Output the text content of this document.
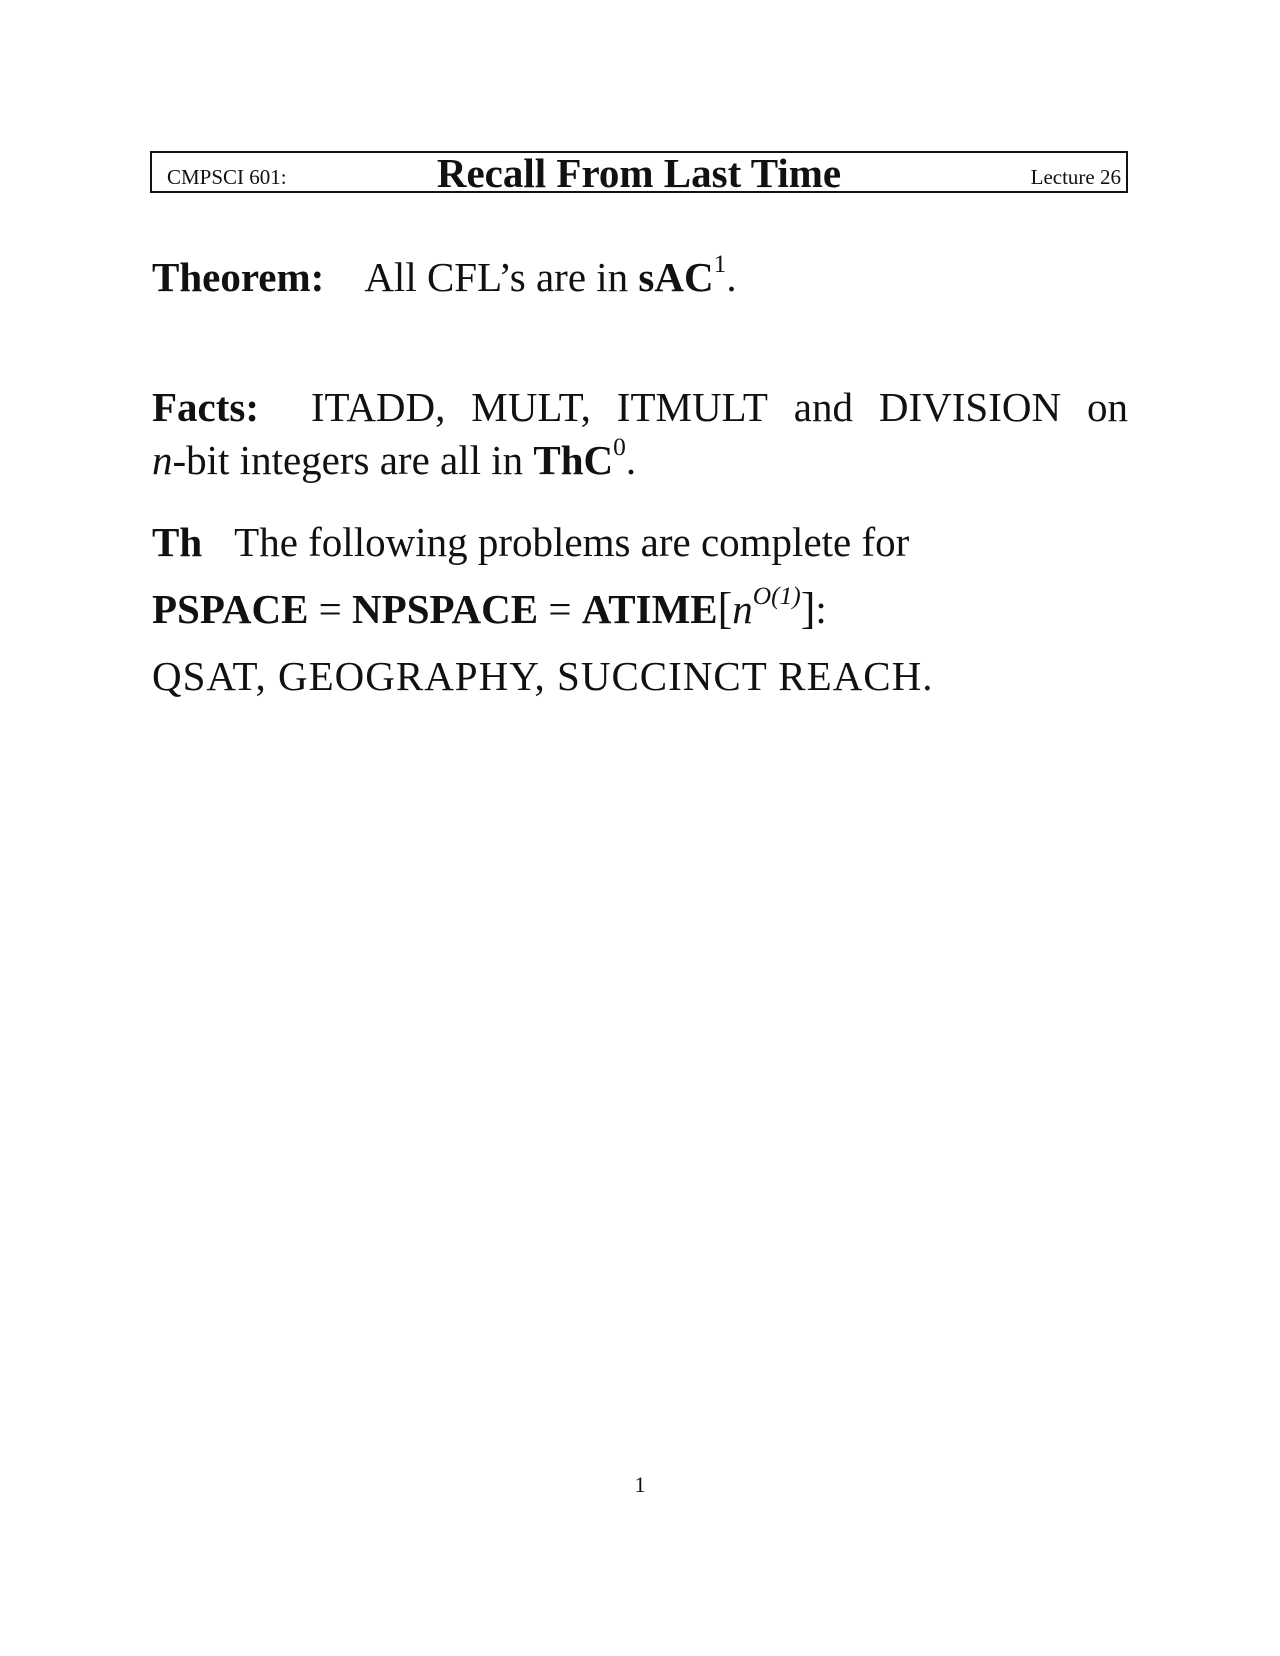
CMPSCI 601:	Recall From Last Time	Lecture 26
Theorem: All CFL’s are in sAC$^1$.
Facts: ITADD, MULT, ITMULT and DIVISION on
n-bit integers are all in ThC$^0$.
Th The following problems are complete for
PSPACE = NPSPACE = $ATIME[n^{O(1)}]$:
QSAT, GEOGRAPHY, SUCCINCT REACH.
1
